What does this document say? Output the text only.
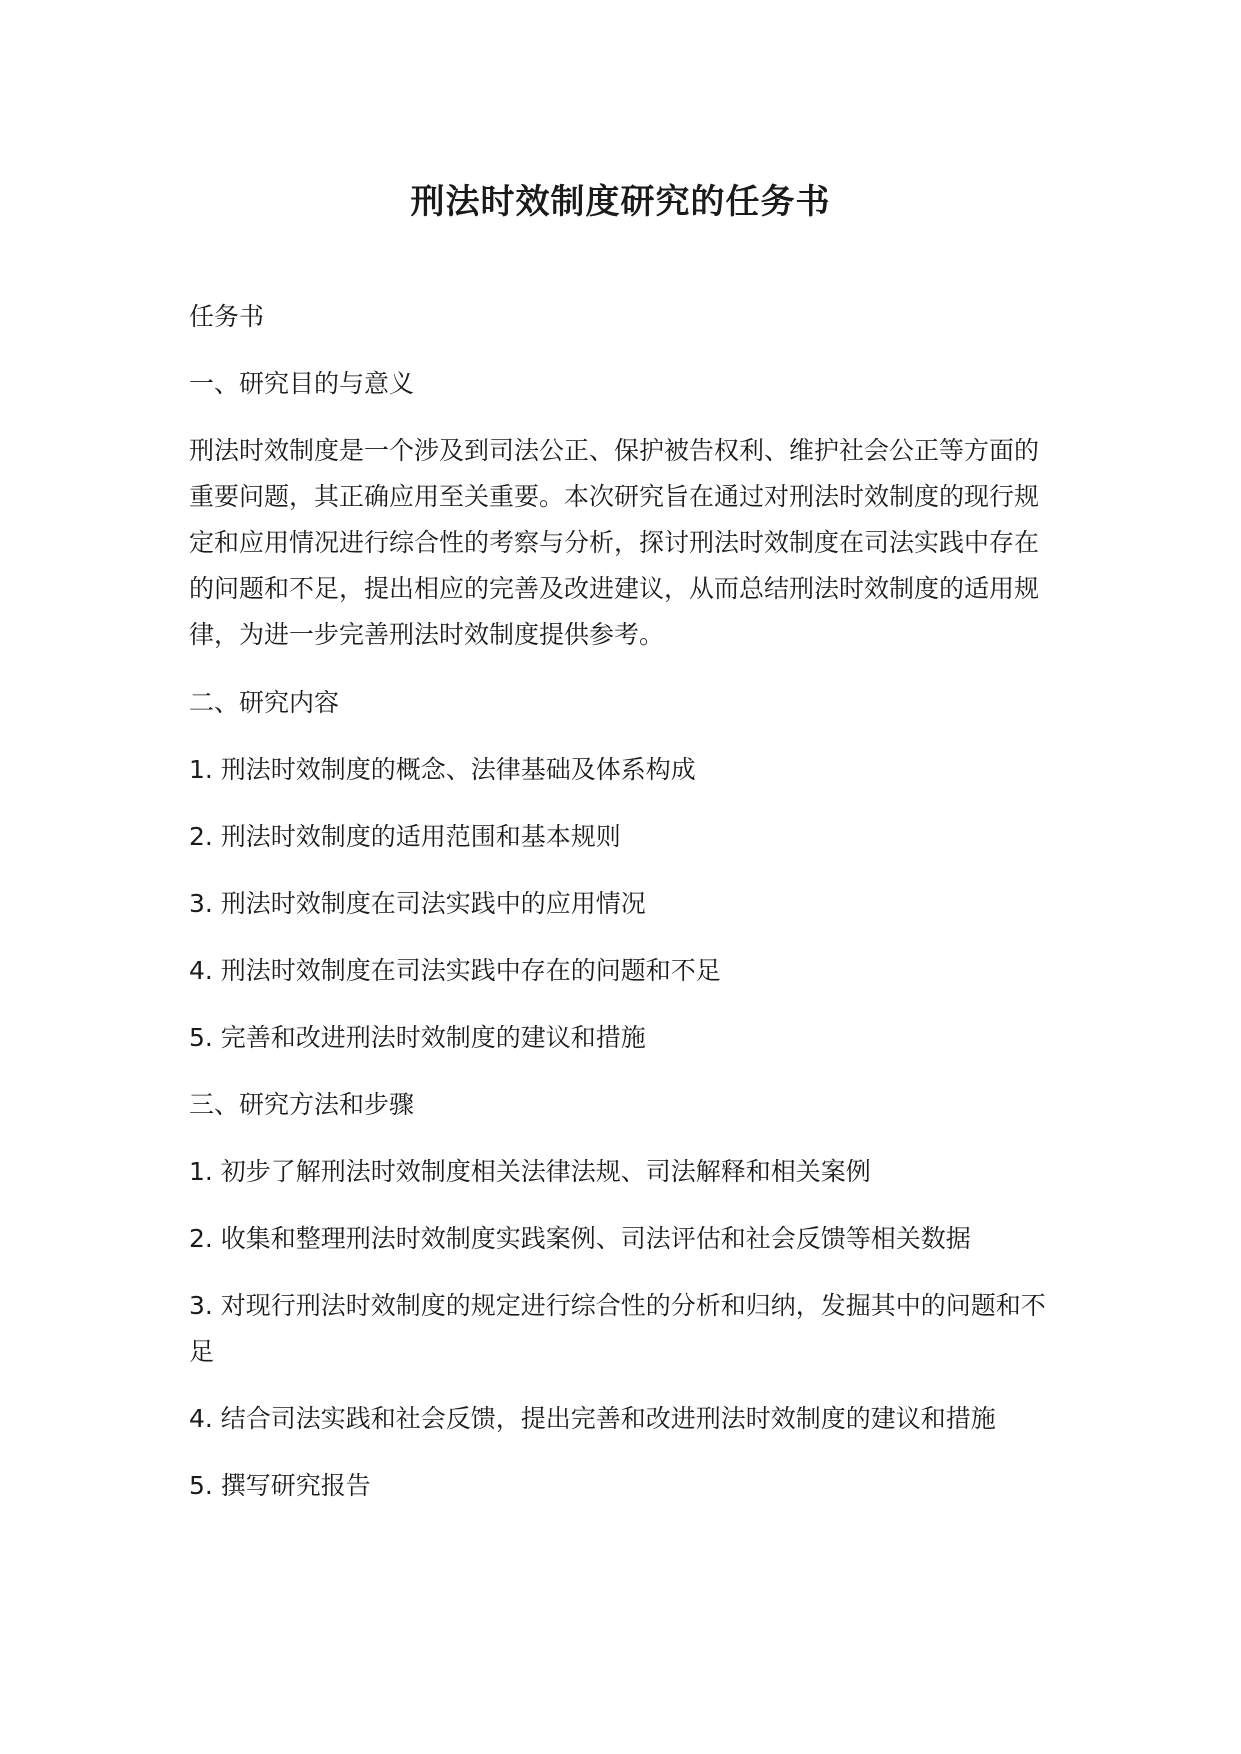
刑法时效制度研究的任务书

任务书

一、研究目的与意义

刑法时效制度是一个涉及到司法公正、保护被告权利、维护社会公正等方面的重要问题，其正确应用至关重要。本次研究旨在通过对刑法时效制度的现行规定和应用情况进行综合性的考察与分析，探讨刑法时效制度在司法实践中存在的问题和不足，提出相应的完善及改进建议，从而总结刑法时效制度的适用规律，为进一步完善刑法时效制度提供参考。

二、研究内容

1. 刑法时效制度的概念、法律基础及体系构成

2. 刑法时效制度的适用范围和基本规则

3. 刑法时效制度在司法实践中的应用情况

4. 刑法时效制度在司法实践中存在的问题和不足

5. 完善和改进刑法时效制度的建议和措施

三、研究方法和步骤

1. 初步了解刑法时效制度相关法律法规、司法解释和相关案例

2. 收集和整理刑法时效制度实践案例、司法评估和社会反馈等相关数据

3. 对现行刑法时效制度的规定进行综合性的分析和归纳，发掘其中的问题和不足

4. 结合司法实践和社会反馈，提出完善和改进刑法时效制度的建议和措施

5. 撰写研究报告
